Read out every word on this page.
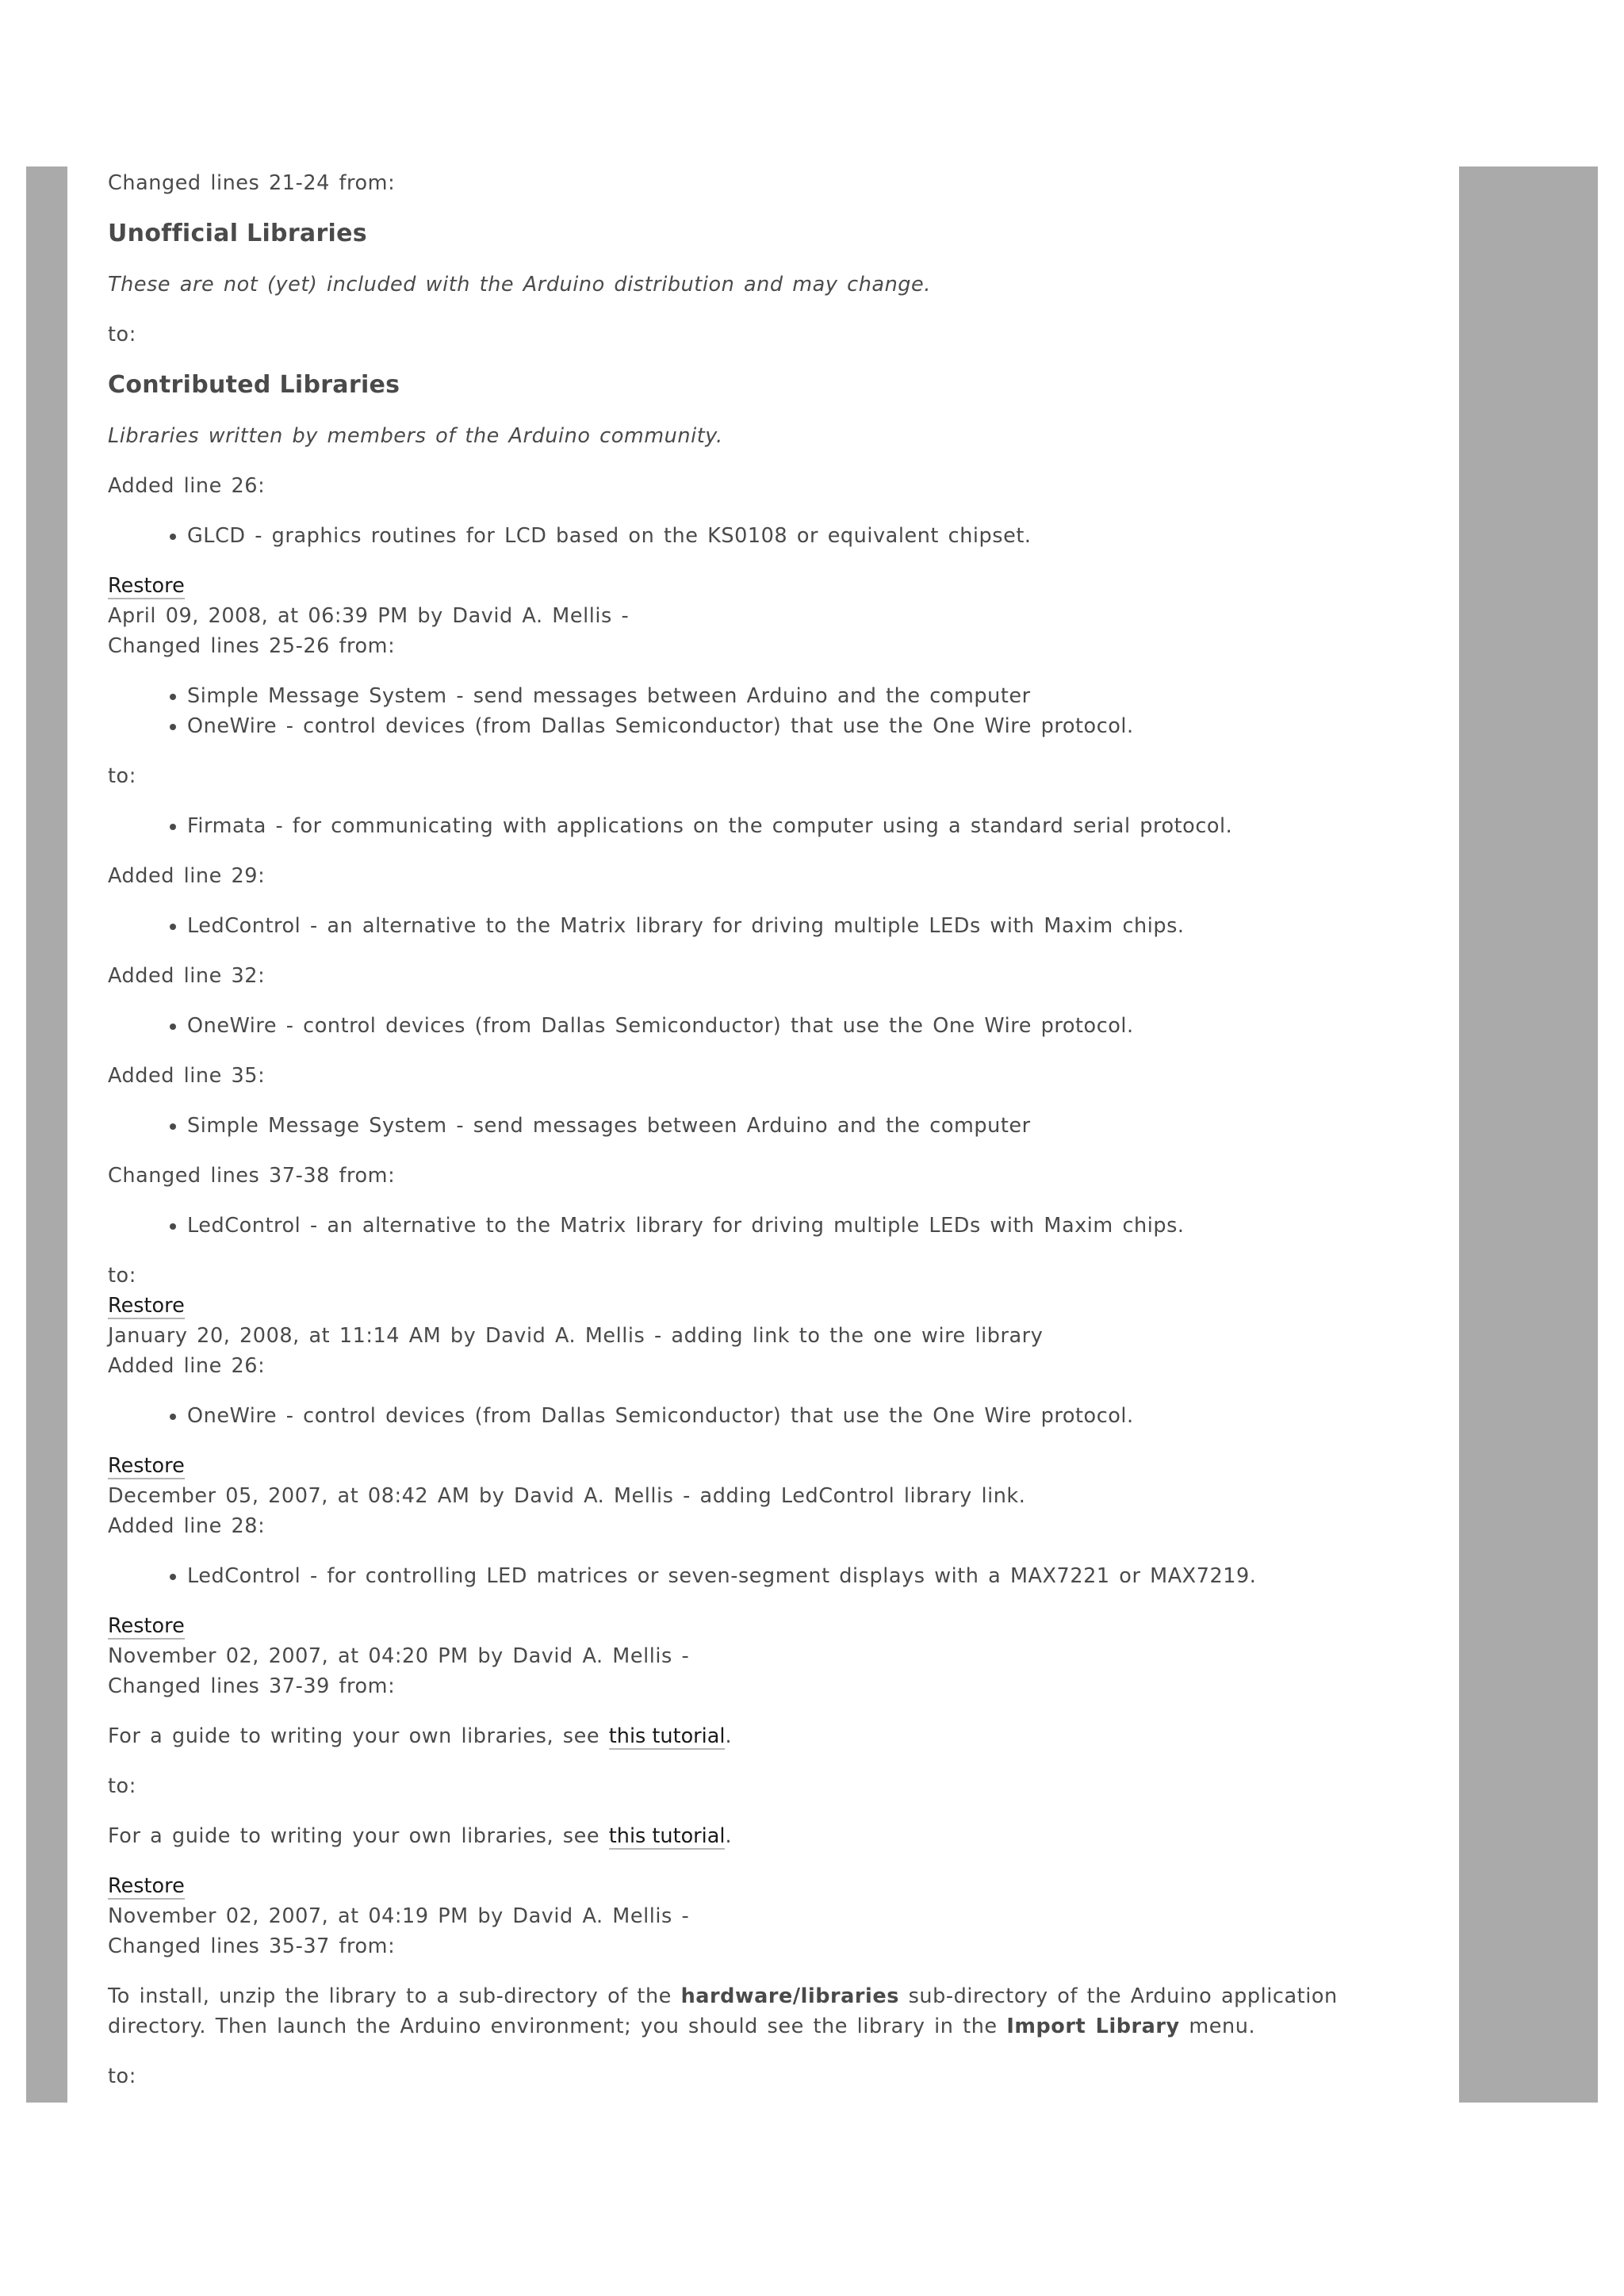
Changed lines 21-24 from:

Unofficial Libraries

These are not (yet) included with the Arduino distribution and may change.

to:

Contributed Libraries

Libraries written by members of the Arduino community.

Added line 26:

• GLCD - graphics routines for LCD based on the KS0108 or equivalent chipset.
Restore

April 09, 2008, at 06:39 PM by David A. Mellis -

Changed lines 25-26 from:

• Simple Message System - send messages between Arduino and the computer
• OneWire - control devices (from Dallas Semiconductor) that use the One Wire protocol.

to:

• Firmata - for communicating with applications on the computer using a standard serial protocol.

Added line 29:

• LedControl - an alternative to the Matrix library for driving multiple LEDs with Maxim chips.

Added line 32:

• OneWire - control devices (from Dallas Semiconductor) that use the One Wire protocol.

Added line 35:

• Simple Message System - send messages between Arduino and the computer

Changed lines 37-38 from:

• LedControl - an alternative to the Matrix library for driving multiple LEDs with Maxim chips.

to:

Restore

January 20, 2008, at 11:14 AM by David A. Mellis - adding link to the one wire library

Added line 26:

• OneWire - control devices (from Dallas Semiconductor) that use the One Wire protocol.
Restore

December 05, 2007, at 08:42 AM by David A. Mellis - adding LedControl library link.

Added line 28:

• LedControl - for controlling LED matrices or seven-segment displays with a MAX7221 or MAX7219.
Restore

November 02, 2007, at 04:20 PM by David A. Mellis -

Changed lines 37-39 from:

For a guide to writing your own libraries, see this tutorial.

to:

For a guide to writing your own libraries, see this tutorial.

Restore

November 02, 2007, at 04:19 PM by David A. Mellis -

Changed lines 35-37 from:

To install, unzip the library to a sub-directory of the hardware/libraries sub-directory of the Arduino application directory. Then launch the Arduino environment; you should see the library in the Import Library menu.

to:
